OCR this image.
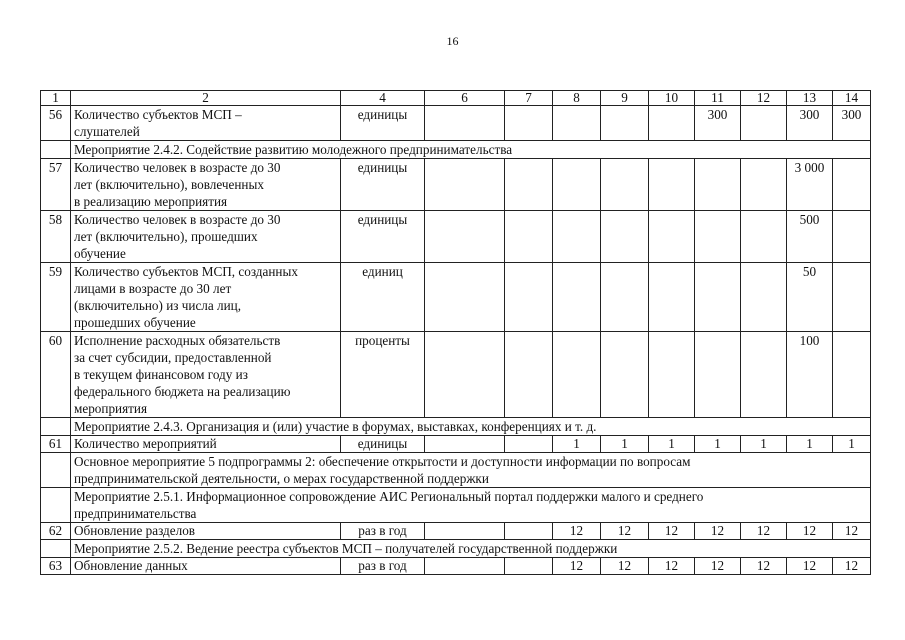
16
1	2	4	6	7	8	9	10	11	12	13	14
56	Количество субъектов МСП –
слушателей	единицы						300		300	300

	Мероприятие 2.4.2. Содействие развитию молодежного предпринимательства										

57	Количество человек в возрасте до 30
лет (включительно), вовлеченных
в реализацию мероприятия	единицы								3 000	
58	Количество человек в возрасте до 30
лет (включительно), прошедших
обучение	единицы								500	
59	Количество субъектов МСП, созданных
лицами в возрасте до 30 лет
(включительно) из числа лиц,
прошедших обучение	единиц								50	
60	Исполнение расходных обязательств
за счет субсидии, предоставленной
в текущем финансовом году из
федерального бюджета на реализацию
мероприятия	проценты								100	

	Мероприятие 2.4.3. Организация и (или) участие в форумах, выставках, конференциях и т. д.										

61	Количество мероприятий	единицы			1	1	1	1	1	1	1

	Основное мероприятие 5 подпрограммы 2: обеспечение открытости и доступности информации по вопросам
предпринимательской деятельности, о мерах государственной поддержки										

	Мероприятие 2.5.1. Информационное сопровождение АИС Региональный портал поддержки малого и среднего
предпринимательства										

62	Обновление разделов	раз в год			12	12	12	12	12	12	12

	Мероприятие 2.5.2. Ведение реестра субъектов МСП – получателей государственной поддержки										

63	Обновление данных	раз в год			12	12	12	12	12	12	12
